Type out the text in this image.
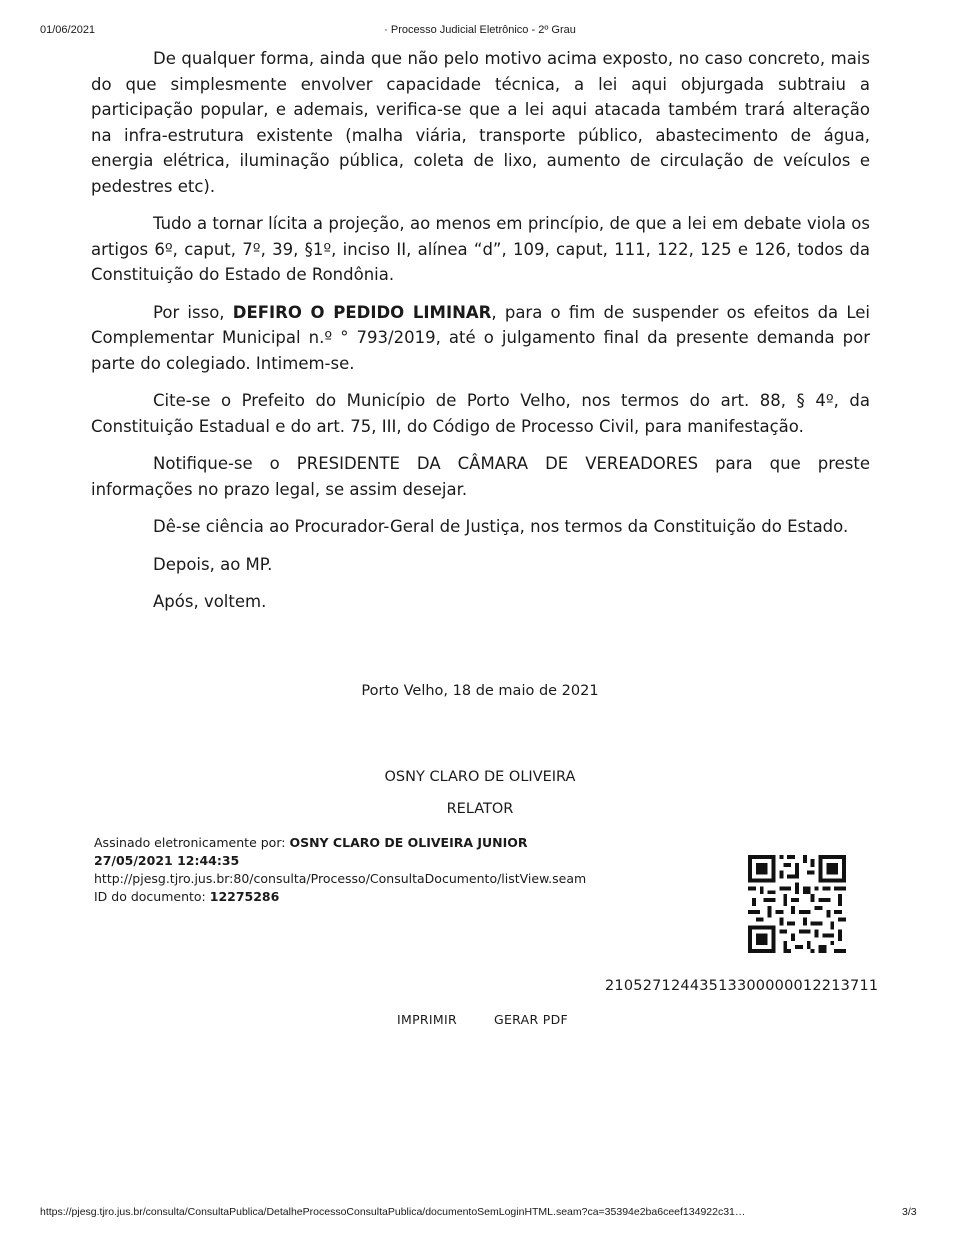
01/06/2021	· Processo Judicial Eletrônico - 2º Grau

De qualquer forma, ainda que não pelo motivo acima exposto, no caso concreto, mais do que simplesmente envolver capacidade técnica, a lei aqui objurgada subtraiu a participação popular, e ademais, verifica-se que a lei aqui atacada também trará alteração na infra-estrutura existente (malha viária, transporte público, abastecimento de água, energia elétrica, iluminação pública, coleta de lixo, aumento de circulação de veículos e pedestres etc).

Tudo a tornar lícita a projeção, ao menos em princípio, de que a lei em debate viola os artigos 6º, caput, 7º, 39, §1º, inciso II, alínea “d”, 109, caput, 111, 122, 125 e 126, todos da Constituição do Estado de Rondônia.

Por isso, DEFIRO O PEDIDO LIMINAR, para o fim de suspender os efeitos da Lei Complementar Municipal n.º ° 793/2019, até o julgamento final da presente demanda por parte do colegiado. Intimem-se.

Cite-se o Prefeito do Município de Porto Velho, nos termos do art. 88, § 4º, da Constituição Estadual e do art. 75, III, do Código de Processo Civil, para manifestação.

Notifique-se o PRESIDENTE DA CÂMARA DE VEREADORES para que preste informações no prazo legal, se assim desejar.

Dê-se ciência ao Procurador-Geral de Justiça, nos termos da Constituição do Estado.

Depois, ao MP.

Após, voltem.

Porto Velho, 18 de maio de 2021
OSNY CLARO DE OLIVEIRA
RELATOR
Assinado eletronicamente por: OSNY CLARO DE OLIVEIRA JUNIOR
27/05/2021 12:44:35
http://pjesg.tjro.jus.br:80/consulta/Processo/ConsultaDocumento/listView.seam
ID do documento: 12275286
21052712443513300000012213711
IMPRIMIR	GERAR PDF
https://pjesg.tjro.jus.br/consulta/ConsultaPublica/DetalheProcessoConsultaPublica/documentoSemLoginHTML.seam?ca=35394e2ba6ceef134922c31…	3/3
